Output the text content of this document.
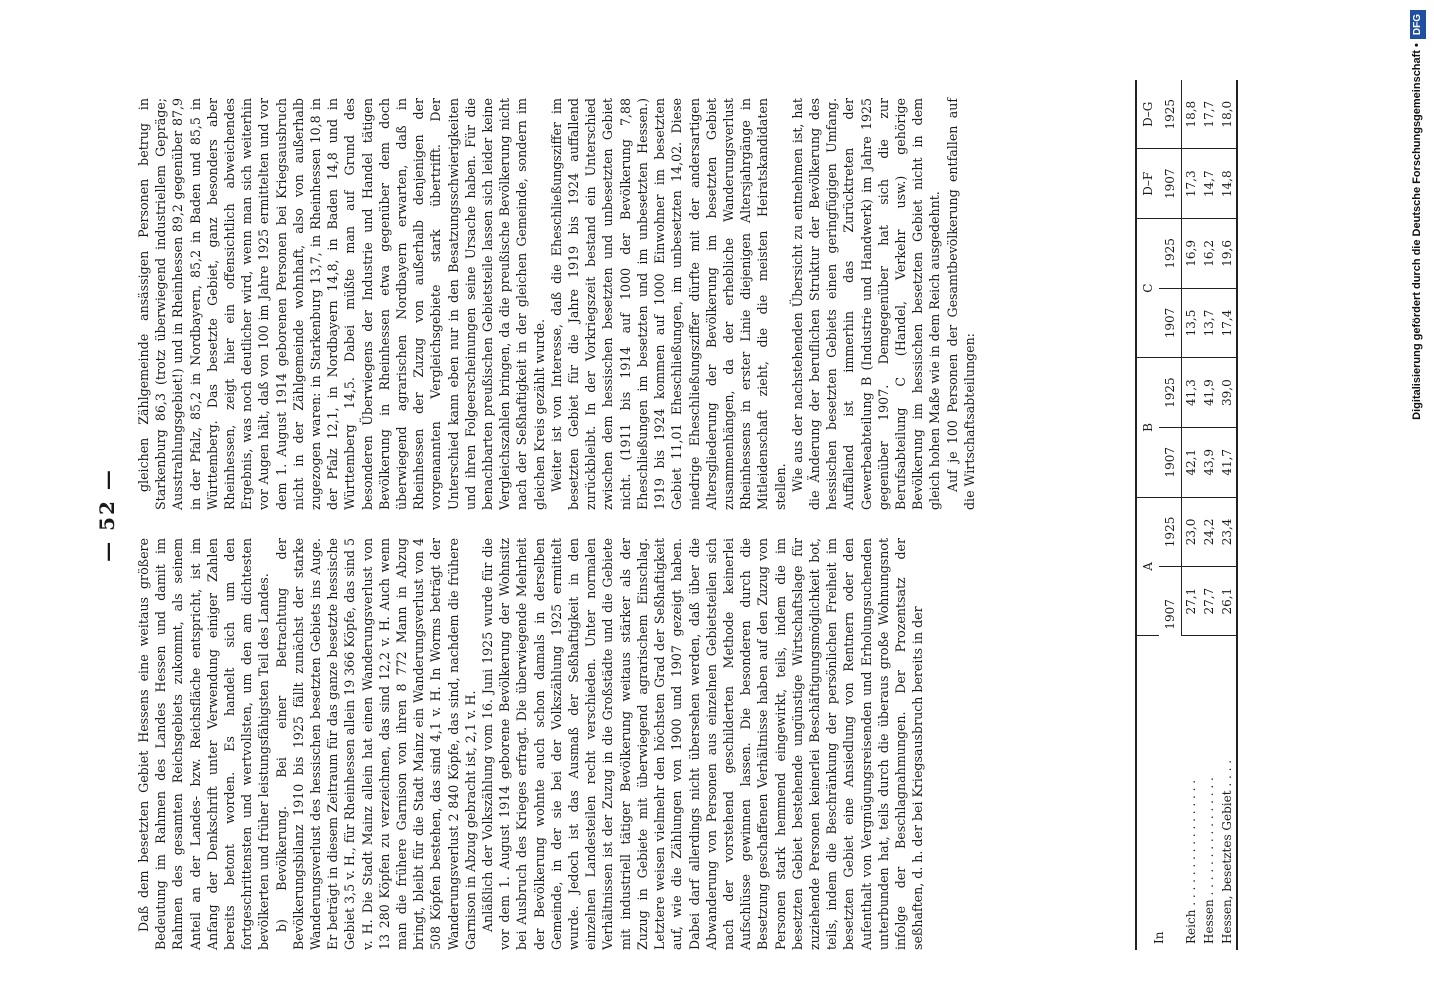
— 52 —

Daß dem besetzten Gebiet Hessens eine weitaus größere Bedeutung im Rahmen des Landes Hessen und damit im Rahmen des gesamten Reichsgebiets zukommt, als seinem Anteil an der Landes- bzw. Reichsfläche entspricht, ist im Anfang der Denkschrift unter Verwendung einiger Zahlen bereits betont worden. Es handelt sich um den fortgeschrittensten und wertvollsten, um den am dichtesten bevölkerten und früher leistungsfähigsten Teil des Landes. b) Bevölkerung. Bei einer Betrachtung der Bevölkerungsbilanz 1910 bis 1925 fällt zunächst der starke Wanderungsverlust des hessischen besetzten Gebiets ins Auge. Er beträgt in diesem Zeitraum für das ganze besetzte hessische Gebiet 3,5 v. H., für Rheinhessen allein 19 366 Köpfe, das sind 5 v. H. Die Stadt Mainz allein hat einen Wanderungsverlust von 13 280 Köpfen zu verzeichnen, das sind 12,2 v. H. Auch wenn man die frühere Garnison von ihren 8 772 Mann in Abzug bringt, bleibt für die Stadt Mainz ein Wanderungsverlust von 4 508 Köpfen bestehen, das sind 4,1 v. H. In Worms beträgt der Wanderungsverlust 2 840 Köpfe, das sind, nachdem die frühere Garnison in Abzug gebracht ist, 2,1 v. H. Anläßlich der Volkszählung vom 16. Juni 1925 wurde für die vor dem 1. August 1914 geborene Bevölkerung der Wohnsitz bei Ausbruch des Krieges erfragt. Die überwiegende Mehrheit der Bevölkerung wohnte auch schon damals in derselben Gemeinde, in der sie bei der Volkszählung 1925 ermittelt wurde. Jedoch ist das Ausmaß der Seßhaftigkeit in den einzelnen Landesteilen recht verschieden. Unter normalen Verhältnissen ist der Zuzug in die Großstädte und die Gebiete mit industriell tätiger Bevölkerung weitaus stärker als der Zuzug in Gebiete mit überwiegend agrarischem Einschlag. Letztere weisen vielmehr den höchsten Grad der Seßhaftigkeit auf, wie die Zählungen von 1900 und 1907 gezeigt haben. Dabei darf allerdings nicht übersehen werden, daß über die Abwanderung von Personen aus einzelnen Gebietsteilen sich nach der vorstehend geschilderten Methode keinerlei Aufschlüsse gewinnen lassen. Die besonderen durch die Besetzung geschaffenen Verhältnisse haben auf den Zuzug von Personen stark hemmend eingewirkt, teils, indem die im besetzten Gebiet bestehende ungünstige Wirtschaftslage für zuziehende Personen keinerlei Beschäftigungsmöglichkeit bot, teils, indem die Beschränkung der persönlichen Freiheit im besetzten Gebiet eine Ansiedlung von Rentnern oder den Aufenthalt von Vergnügungsreisenden und Erholungsuchenden unterbunden hat, teils durch die überaus große Wohnungsnot infolge der Beschlagnahmungen. Der Prozentsatz der seßhaften, d. h. der bei Kriegsausbruch bereits in der

gleichen Zählgemeinde ansässigen Personen betrug in Starkenburg 86,3 (trotz überwiegend industriellem Gepräge; Ausstrahlungsgebiet!) und in Rheinhessen 89,2 gegenüber 87,9 in der Pfalz, 85,2 in Nordbayern, 85,2 in Baden und 85,5 in Württemberg. Das besetzte Gebiet, ganz besonders aber Rheinhessen, zeigt hier ein offensichtlich abweichendes Ergebnis, was noch deutlicher wird, wenn man sich weiterhin vor Augen hält, daß von 100 im Jahre 1925 ermittelten und vor dem 1. August 1914 geborenen Personen bei Kriegsausbruch nicht in der Zählgemeinde wohnhaft, also von außerhalb zugezogen waren: in Starkenburg 13,7, in Rheinhessen 10,8 in der Pfalz 12,1, in Nordbayern 14,8, in Baden 14,8 und in Württemberg 14,5. Dabei müßte man auf Grund des besonderen Überwiegens der Industrie und Handel tätigen Bevölkerung in Rheinhessen etwa gegenüber dem doch überwiegend agrarischen Nordbayern erwarten, daß in Rheinhessen der Zuzug von außerhalb denjenigen der vorgenannten Vergleichsgebiete stark übertrifft. Der Unterschied kann eben nur in den Besatzungsschwierigkeiten und ihren Folgeerscheinungen seine Ursache haben. Für die benachbarten preußischen Gebietsteile lassen sich leider keine Vergleichszahlen bringen, da die preußische Bevölkerung nicht nach der Seßhaftigkeit in der gleichen Gemeinde, sondern im gleichen Kreis gezählt wurde. Weiter ist von Interesse, daß die Eheschließungsziffer im besetzten Gebiet für die Jahre 1919 bis 1924 auffallend zurückbleibt. In der Vorkriegszeit bestand ein Unterschied zwischen dem hessischen besetzten und unbesetzten Gebiet nicht. (1911 bis 1914 auf 1000 der Bevölkerung 7,88 Eheschließungen im besetzten und im unbesetzten Hessen.) 1919 bis 1924 kommen auf 1000 Einwohner im besetzten Gebiet 11,01 Eheschließungen, im unbesetzten 14,02. Diese niedrige Eheschließungsziffer dürfte mit der andersartigen Altersgliederung der Bevölkerung im besetzten Gebiet zusammenhängen, da der erhebliche Wanderungsverlust Rheinhessens in erster Linie diejenigen Altersjahrgänge in Mitleidenschaft zieht, die die meisten Heiratskandidaten stellen. Wie aus der nachstehenden Übersicht zu entnehmen ist, hat die Änderung der beruflichen Struktur der Bevölkerung des hessischen besetzten Gebiets einen geringfügigen Umfang. Auffallend ist immerhin das Zurücktreten der Gewerbeabteilung B (Industrie und Handwerk) im Jahre 1925 gegenüber 1907. Demgegenüber hat sich die zur Berufsabteilung C (Handel, Verkehr usw.) gehörige Bevölkerung im hessischen besetzten Gebiet nicht in dem gleich hohen Maße wie in dem Reich ausgedehnt. Auf je 100 Personen der Gesamtbevölkerung entfallen auf die Wirtschaftsabteilungen:

In	A		B		C		D–F	D–G
	1907	1925	1907	1925	1907	1925	1907	1925
Reich . . . . . . . . . . . . . . . . .	27,1	23,0	42,1	41,3	13,5	16,9	17,3	18,8
Hessen . . . . . . . . . . . . . . . .	27,7	24,2	43,9	41,9	13,7	16,2	14,7	17,7
Hessen, besetztes Gebiet . . . .	26,1	23,4	41,7	39,0	17,4	19,6	14,8	18,0	Digitalisierung gefördert durch die Deutsche Forschungsgemeinschaft •DFG
